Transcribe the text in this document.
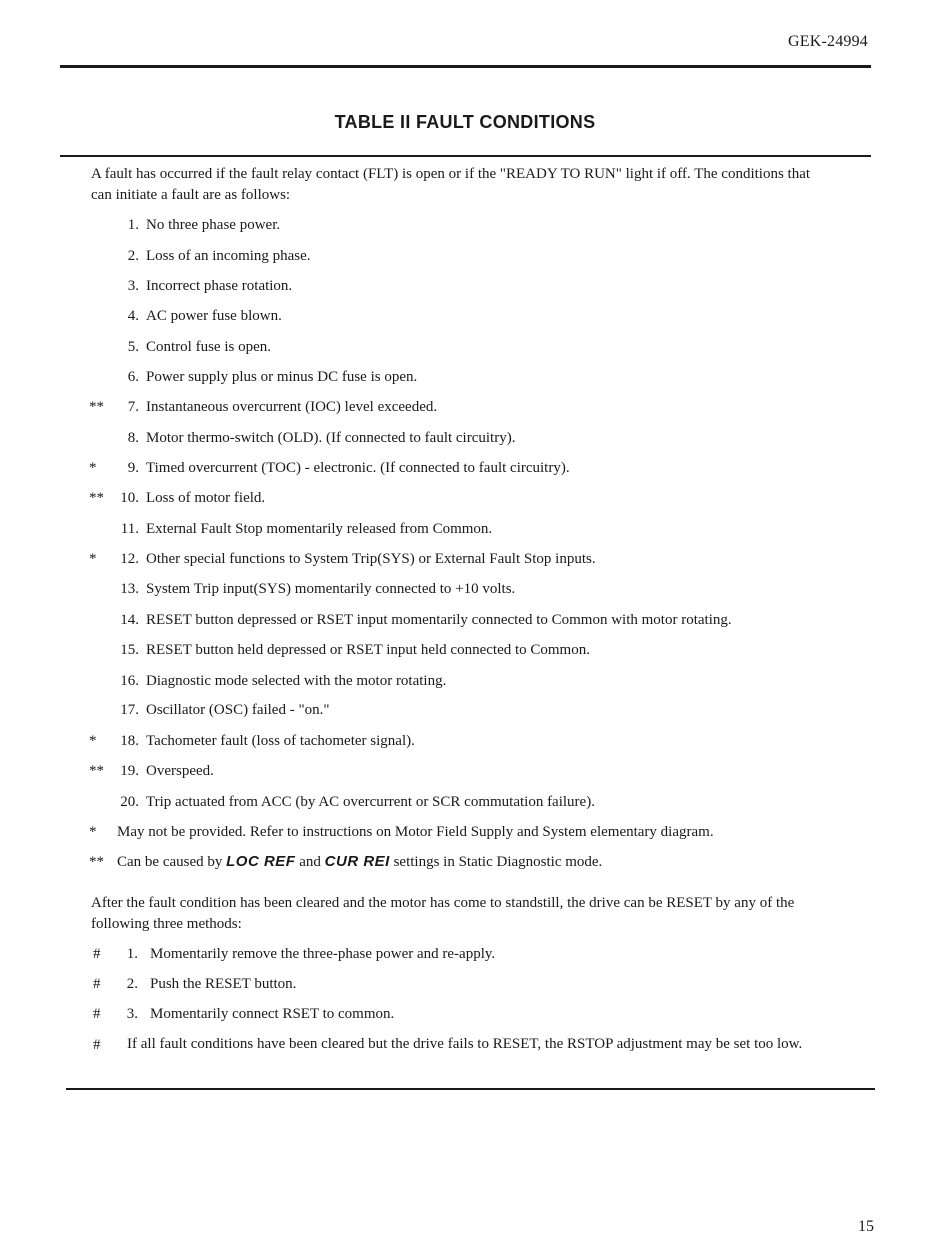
GEK-24994
TABLE II FAULT CONDITIONS
A fault has occurred if the fault relay contact (FLT) is open or if the "READY TO RUN" light if off. The conditions that can initiate a fault are as follows:
1. No three phase power.
2. Loss of an incoming phase.
3. Incorrect phase rotation.
4. AC power fuse blown.
5. Control fuse is open.
6. Power supply plus or minus DC fuse is open.
**	7. Instantaneous overcurrent (IOC) level exceeded.
8. Motor thermo-switch (OLD). (If connected to fault circuitry).
*	9. Timed overcurrent (TOC) - electronic. (If connected to fault circuitry).
**	10. Loss of motor field.
11. External Fault Stop momentarily released from Common.
*	12. Other special functions to System Trip(SYS) or External Fault Stop inputs.
13. System Trip input(SYS) momentarily connected to +10 volts.
14. RESET button depressed or RSET input momentarily connected to Common with motor rotating.
15. RESET button held depressed or RSET input held connected to Common.
16. Diagnostic mode selected with the motor rotating.
17. Oscillator (OSC) failed - "on."
*	18. Tachometer fault (loss of tachometer signal).
**	19. Overspeed.
20. Trip actuated from ACC (by AC overcurrent or SCR commutation failure).
* May not be provided. Refer to instructions on Motor Field Supply and System elementary diagram.
** Can be caused by LOC REF and CUR REI settings in Static Diagnostic mode.
After the fault condition has been cleared and the motor has come to standstill, the drive can be RESET by any of the following three methods:
#	1. Momentarily remove the three-phase power and re-apply.
#	2. Push the RESET button.
#	3. Momentarily connect RSET to common.
# If all fault conditions have been cleared but the drive fails to RESET, the RSTOP adjustment may be set too low.
15
